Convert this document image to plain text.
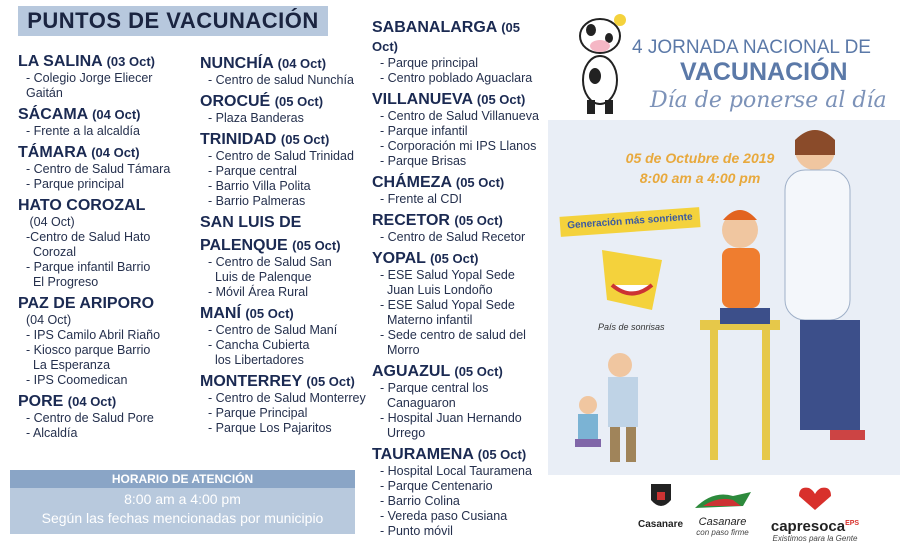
PUNTOS DE VACUNACIÓN
LA SALINA (03 Oct)
- Colegio Jorge Eliecer
Gaitán
SÁCAMA (04 Oct)
- Frente a la alcaldía
TÁMARA (04 Oct)
- Centro de Salud Támara
- Parque principal
HATO COROZAL
(04 Oct)
-Centro de Salud Hato
Corozal
- Parque infantil Barrio
El Progreso
PAZ DE ARIPORO
(04 Oct)
- IPS Camilo Abril Riaño
- Kiosco parque Barrio
La Esperanza
- IPS Coomedican
PORE (04 Oct)
- Centro de Salud Pore
- Alcaldía
NUNCHÍA (04 Oct)
- Centro de salud Nunchía
OROCUÉ (05 Oct)
- Plaza Banderas
TRINIDAD (05 Oct)
- Centro de Salud Trinidad
- Parque central
- Barrio Villa Polita
- Barrio Palmeras
SAN LUIS DE
PALENQUE (05 Oct)
- Centro de Salud San
Luis de Palenque
- Móvil Área Rural
MANÍ (05 Oct)
- Centro de Salud Maní
- Cancha Cubierta
los Libertadores
MONTERREY (05 Oct)
- Centro de Salud Monterrey
- Parque Principal
- Parque Los Pajaritos
SABANALARGA (05 Oct)
- Parque principal
- Centro poblado Aguaclara
VILLANUEVA (05 Oct)
- Centro de Salud Villanueva
- Parque infantil
- Corporación mi IPS Llanos
- Parque Brisas
CHÁMEZA (05 Oct)
- Frente al CDI
RECETOR (05 Oct)
- Centro de Salud Recetor
YOPAL (05 Oct)
- ESE Salud Yopal Sede
Juan Luis Londoño
- ESE Salud Yopal Sede
Materno infantil
- Sede centro de salud del
Morro
AGUAZUL (05 Oct)
- Parque central los
Canaguaron
- Hospital Juan Hernando
Urrego
TAURAMENA (05 Oct)
- Hospital Local Tauramena
- Parque Centenario
- Barrio Colina
- Vereda paso Cusiana
- Punto móvil
HORARIO DE ATENCIÓN
8:00 am a 4:00 pm
Según las fechas mencionadas por municipio
4 JORNADA NACIONAL DE
VACUNACIÓN
Día de ponerse al día
05 de Octubre de 2019
8:00 am a 4:00 pm
Generación más sonriente
País de sonrisas
Casanare	Casanare
con paso firme	capresoca$^{EPS}$
Existimos para la Gente
